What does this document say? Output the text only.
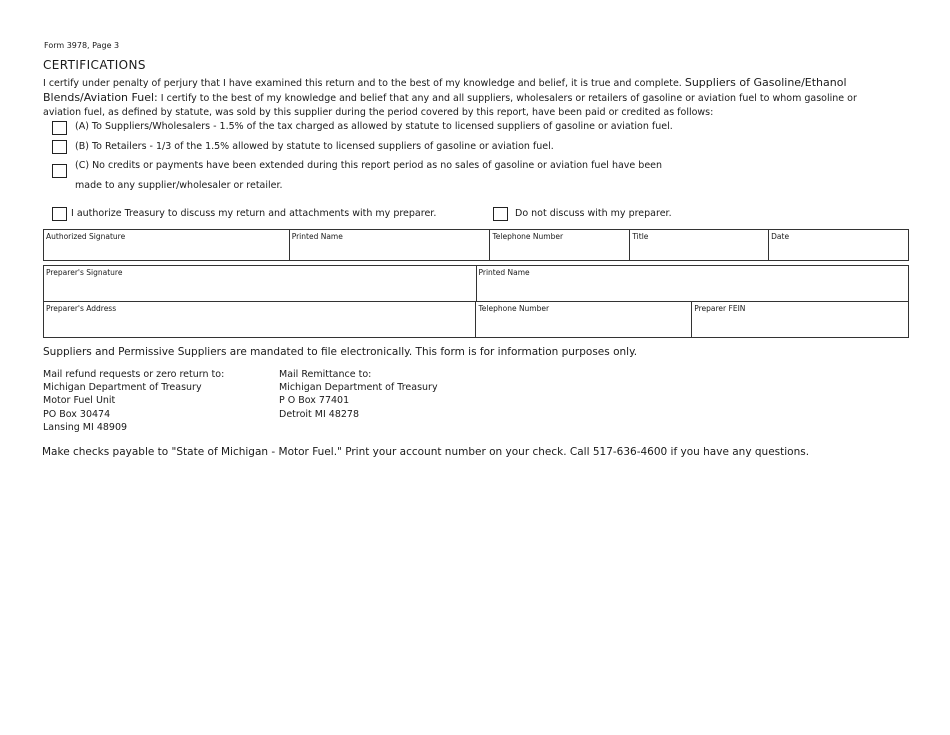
Form 3978, Page 3
CERTIFICATIONS
I certify under penalty of perjury that I have examined this return and to the best of my knowledge and belief, it is true and complete. Suppliers of Gasoline/Ethanol Blends/Aviation Fuel: I certify to the best of my knowledge and belief that any and all suppliers, wholesalers or retailers of gasoline or aviation fuel to whom gasoline or aviation fuel, as defined by statute, was sold by this supplier during the period covered by this report, have been paid or credited as follows:
(A) To Suppliers/Wholesalers - 1.5% of the tax charged as allowed by statute to licensed suppliers of gasoline or aviation fuel.
(B) To Retailers - 1/3 of the 1.5% allowed by statute to licensed suppliers of gasoline or aviation fuel.
(C) No credits or payments have been extended during this report period as no sales of gasoline or aviation fuel have been
made to any supplier/wholesaler or retailer.
I authorize Treasury to discuss my return and attachments with my preparer.	Do not discuss with my preparer.
Authorized Signature	Printed Name	Telephone Number	Title	Date
Preparer's Signature	Printed Name
Preparer's Address	Telephone Number	Preparer FEIN
Suppliers and Permissive Suppliers are mandated to file electronically. This form is for information purposes only.
Mail refund requests or zero return to:
Michigan Department of Treasury
Motor Fuel Unit
PO Box 30474
Lansing MI 48909
Mail Remittance to:
Michigan Department of Treasury
P O Box 77401
Detroit MI 48278
Make checks payable to "State of Michigan - Motor Fuel." Print your account number on your check. Call 517-636-4600 if you have any questions.
